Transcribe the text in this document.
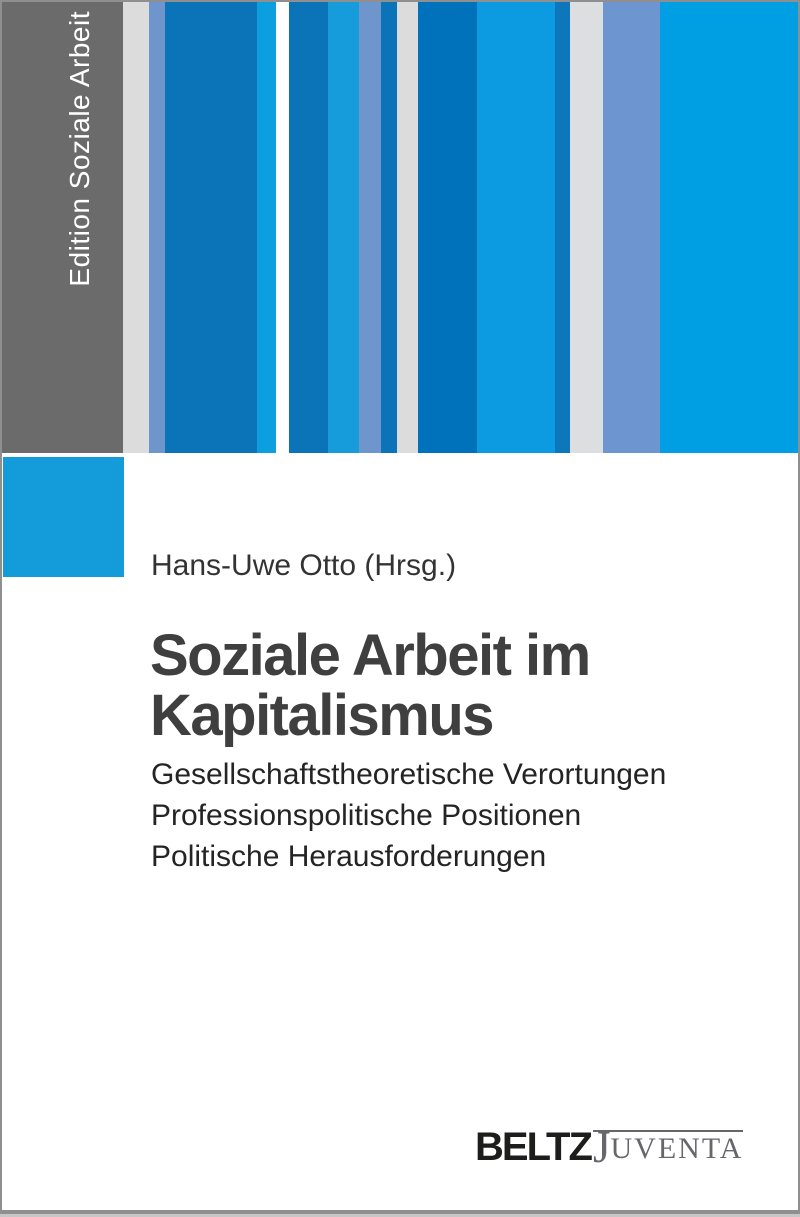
Edition Soziale Arbeit
Hans-Uwe Otto (Hrsg.)
Soziale Arbeit im
Kapitalismus
Gesellschaftstheoretische Verortungen
Professionspolitische Positionen
Politische Herausforderungen
BELTZ JUVENTA
